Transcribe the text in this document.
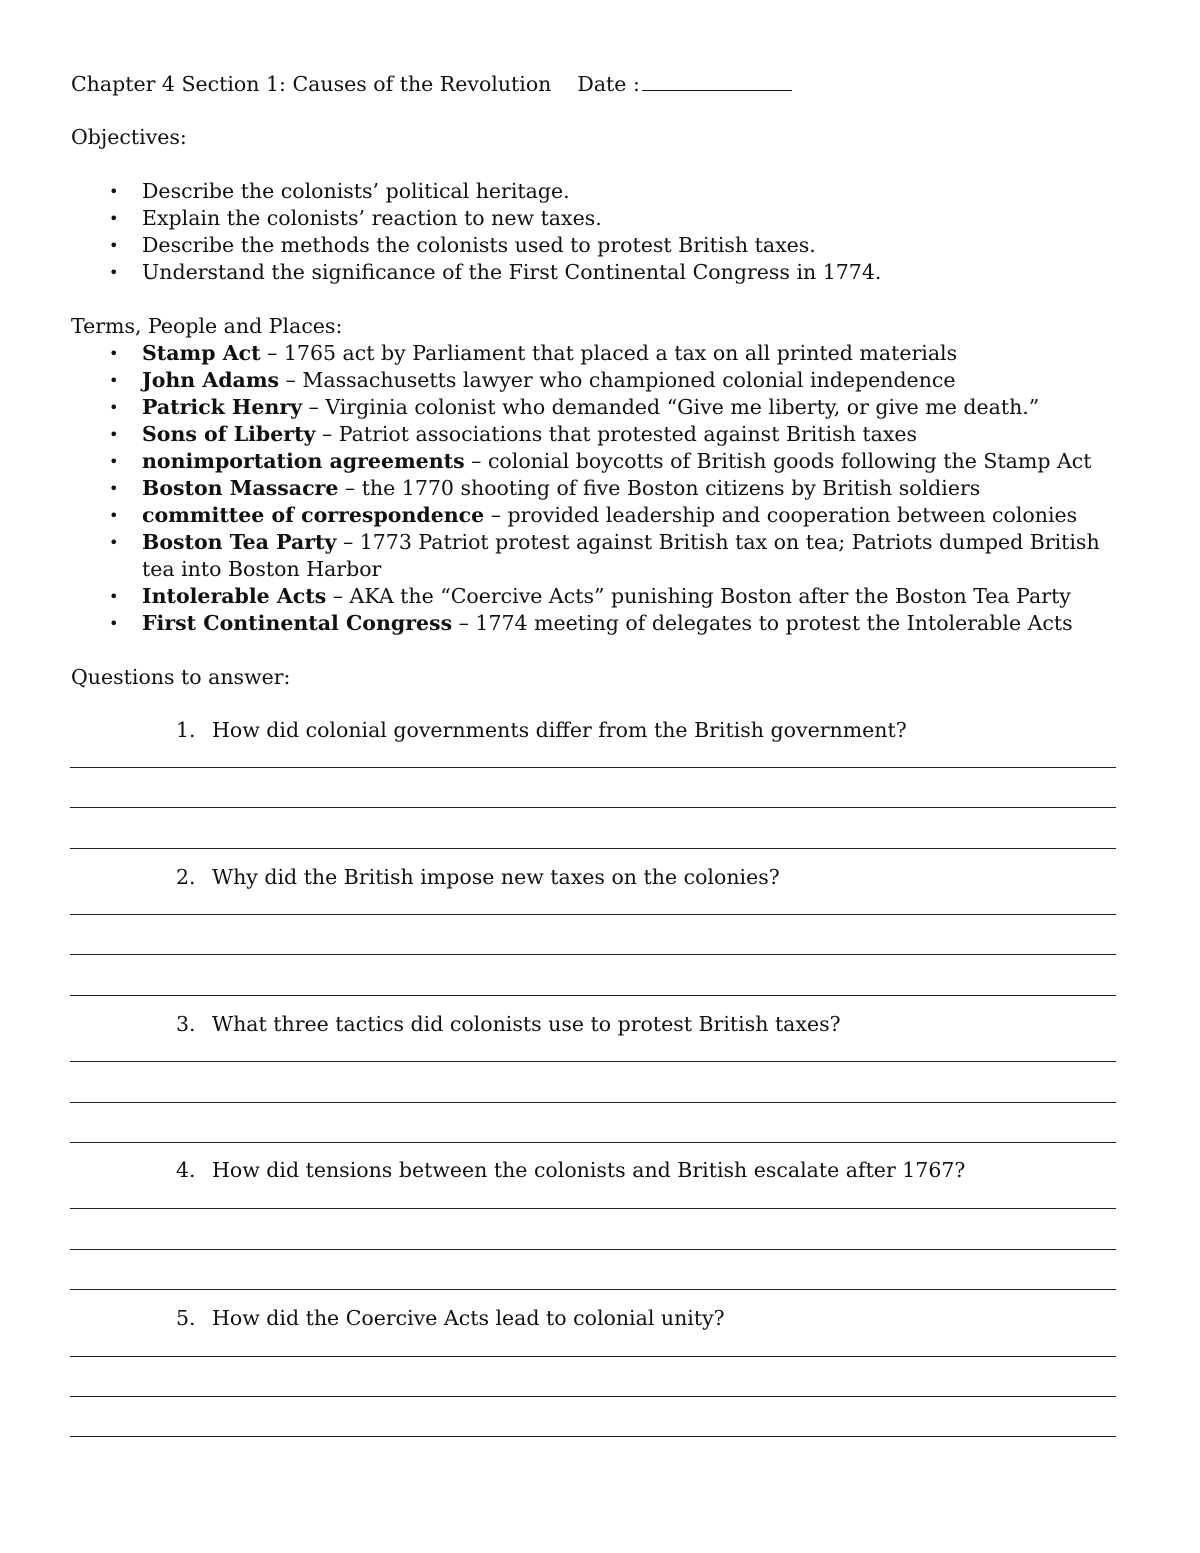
Chapter 4 Section 1: Causes of the Revolution Date :
Objectives:
• Describe the colonists’ political heritage.
• Explain the colonists’ reaction to new taxes.
• Describe the methods the colonists used to protest British taxes.
• Understand the significance of the First Continental Congress in 1774.
Terms, People and Places:
• Stamp Act – 1765 act by Parliament that placed a tax on all printed materials
• John Adams – Massachusetts lawyer who championed colonial independence
• Patrick Henry – Virginia colonist who demanded “Give me liberty, or give me death.”
• Sons of Liberty – Patriot associations that protested against British taxes
• nonimportation agreements – colonial boycotts of British goods following the Stamp Act
• Boston Massacre – the 1770 shooting of five Boston citizens by British soldiers
• committee of correspondence – provided leadership and cooperation between colonies
• Boston Tea Party – 1773 Patriot protest against British tax on tea; Patriots dumped British
tea into Boston Harbor
• Intolerable Acts – AKA the “Coercive Acts” punishing Boston after the Boston Tea Party
• First Continental Congress – 1774 meeting of delegates to protest the Intolerable Acts
Questions to answer:
1. How did colonial governments differ from the British government?
2. Why did the British impose new taxes on the colonies?
3. What three tactics did colonists use to protest British taxes?
4. How did tensions between the colonists and British escalate after 1767?
5. How did the Coercive Acts lead to colonial unity?
